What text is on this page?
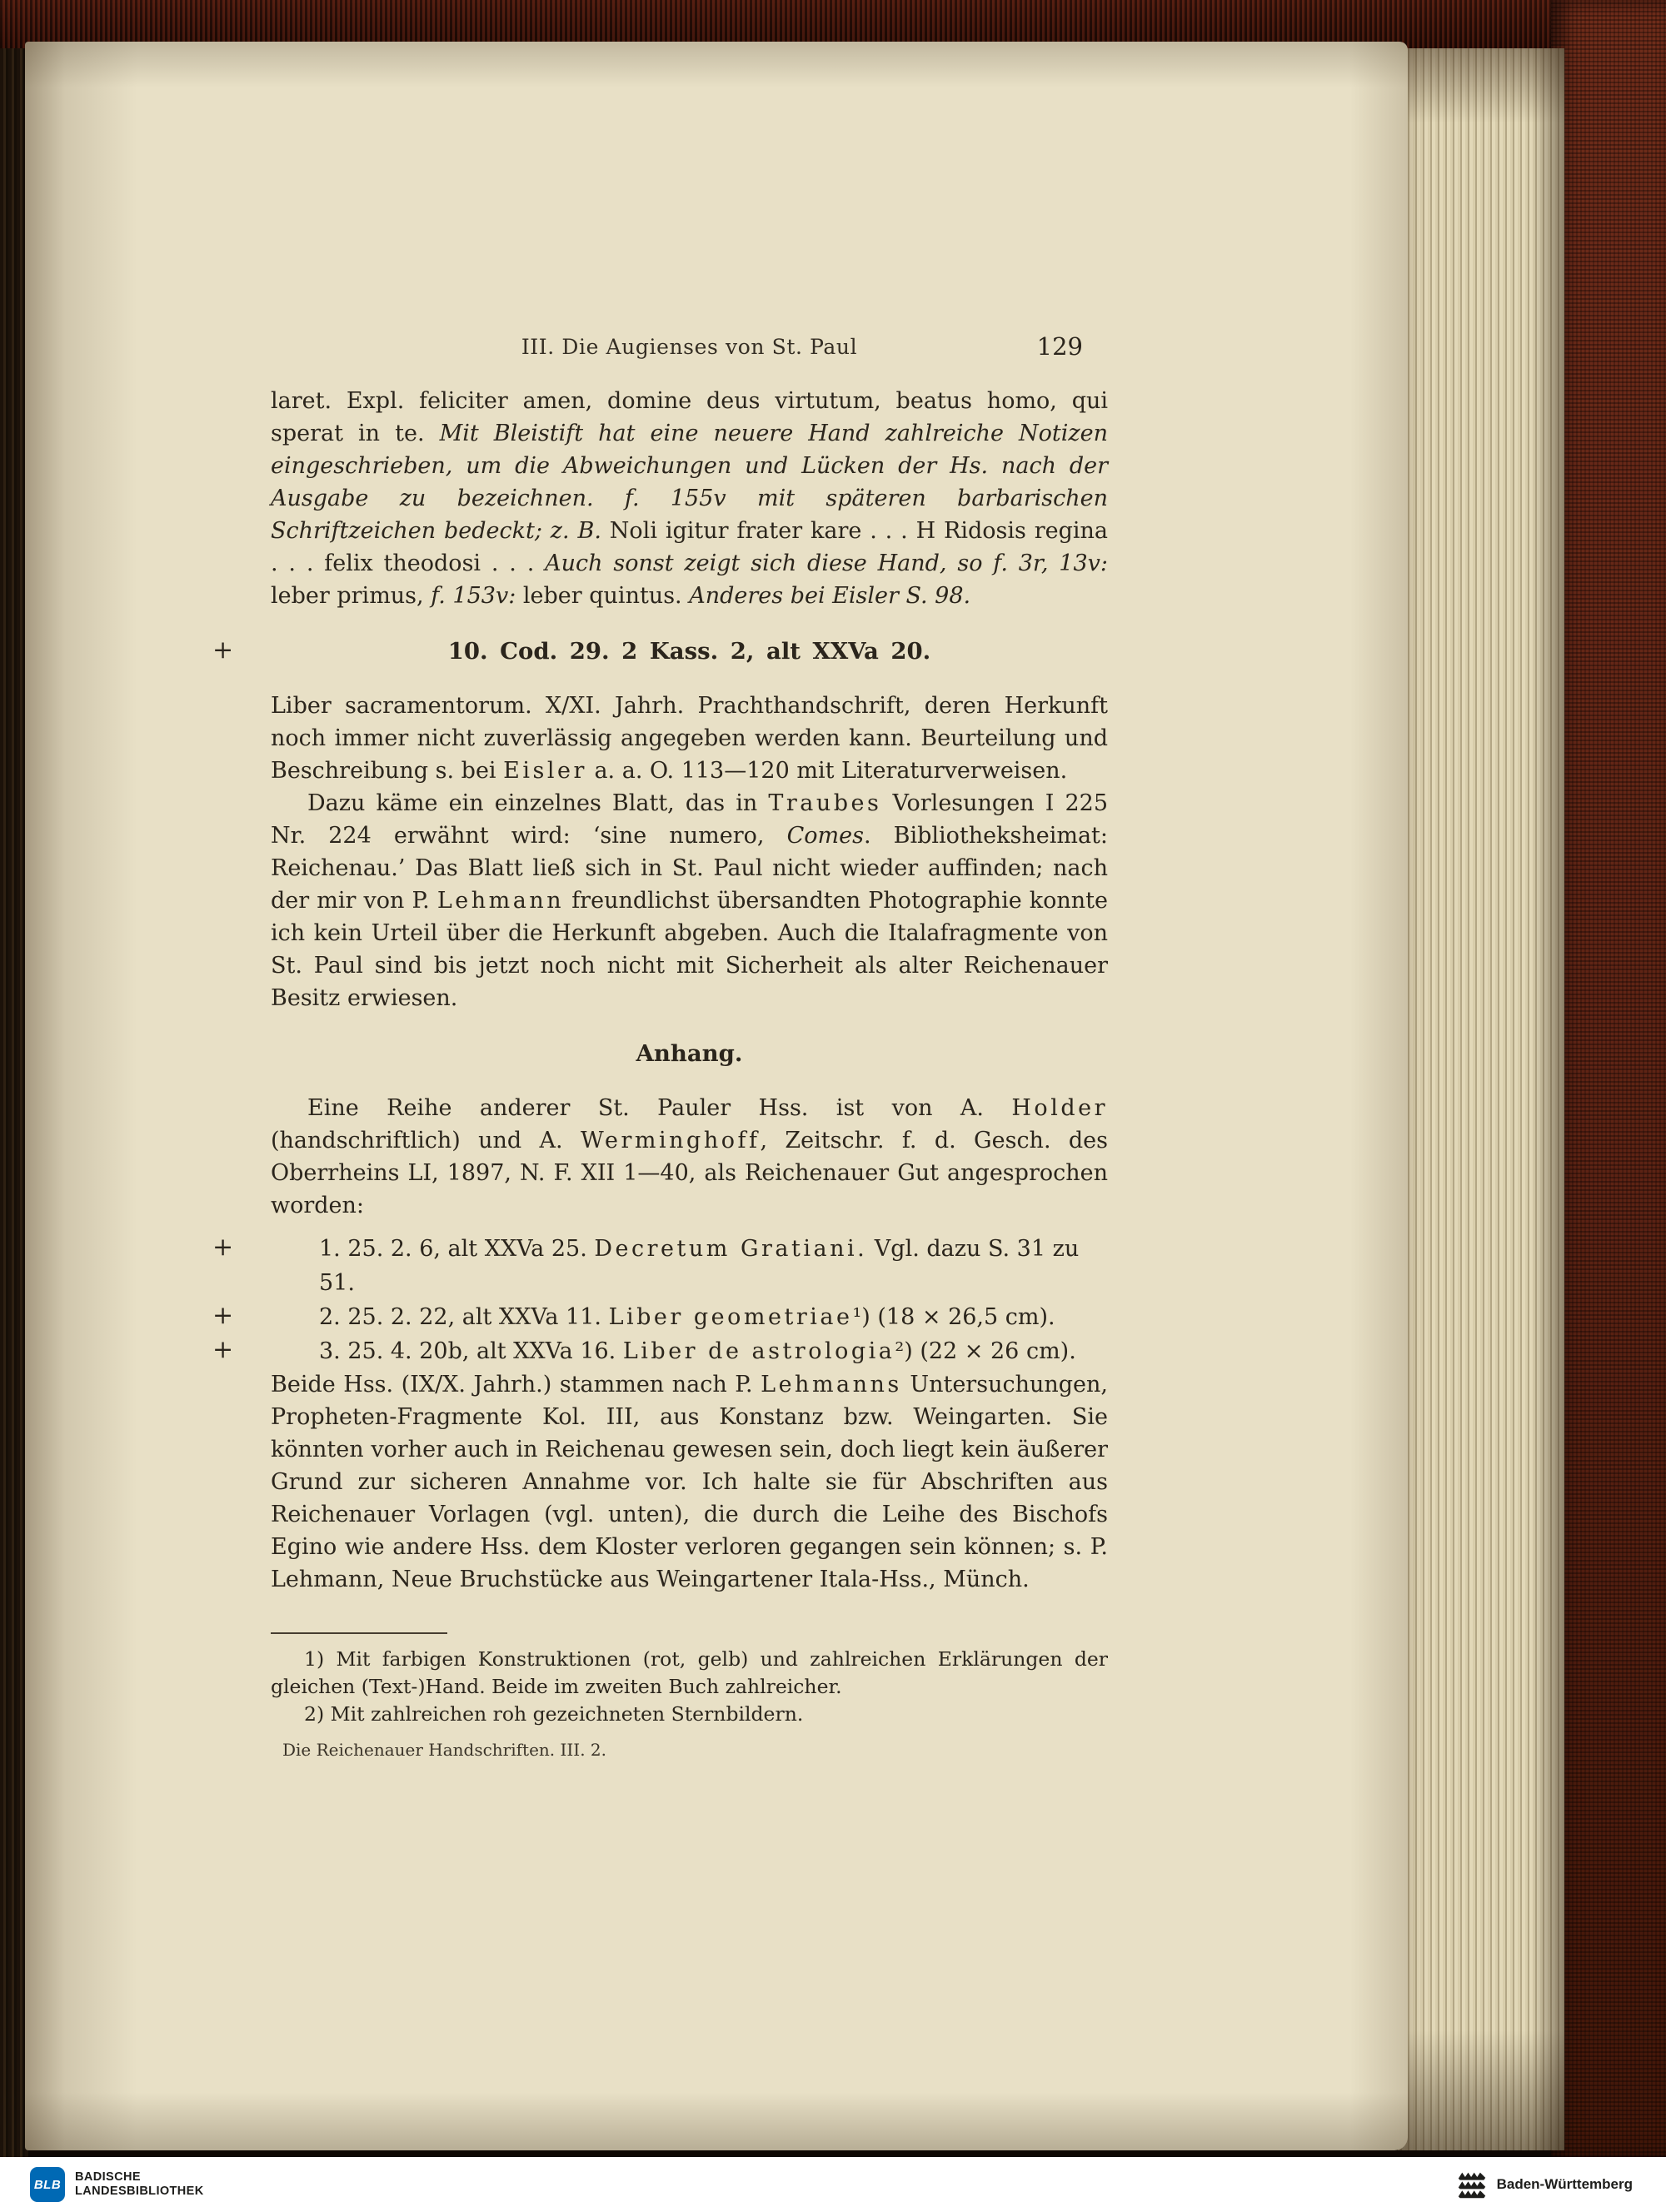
III. Die Augienses von St. Paul	129

laret. Expl. feliciter amen, domine deus virtutum, beatus homo, qui sperat in te. Mit Bleistift hat eine neuere Hand zahlreiche Notizen eingeschrieben, um die Abweichungen und Lücken der Hs. nach der Ausgabe zu bezeichnen. f. 155v mit späteren barbarischen Schriftzeichen bedeckt; z. B. Noli igitur frater kare . . . H Ridosis regina . . . felix theodosi . . . Auch sonst zeigt sich diese Hand, so f. 3r, 13v: leber primus, f. 153v: leber quintus. Anderes bei Eisler S. 98.

+	10. Cod. 29. 2 Kass. 2, alt XXVa 20.

Liber sacramentorum. X/XI. Jahrh. Prachthandschrift, deren Herkunft noch immer nicht zuverlässig angegeben werden kann. Beurteilung und Beschreibung s. bei Eisler a. a. O. 113—120 mit Literaturverweisen.

Dazu käme ein einzelnes Blatt, das in Traubes Vorlesungen I 225 Nr. 224 erwähnt wird: ‘sine numero, Comes. Bibliotheksheimat: Reichenau.’ Das Blatt ließ sich in St. Paul nicht wieder auffinden; nach der mir von P. Lehmann freundlichst übersandten Photographie konnte ich kein Urteil über die Herkunft abgeben. Auch die Italafragmente von St. Paul sind bis jetzt noch nicht mit Sicherheit als alter Reichenauer Besitz erwiesen.

Anhang.

Eine Reihe anderer St. Pauler Hss. ist von A. Holder (handschriftlich) und A. Werminghoff, Zeitschr. f. d. Gesch. des Oberrheins LI, 1897, N. F. XII 1—40, als Reichenauer Gut angesprochen worden:

+	1. 25. 2. 6, alt XXVa 25. Decretum Gratiani. Vgl. dazu S. 31 zu 51.

+	2. 25. 2. 22, alt XXVa 11. Liber geometriae¹) (18 × 26,5 cm).

+	3. 25. 4. 20b, alt XXVa 16. Liber de astrologia²) (22 × 26 cm).

Beide Hss. (IX/X. Jahrh.) stammen nach P. Lehmanns Untersuchungen, Propheten-Fragmente Kol. III, aus Konstanz bzw. Weingarten. Sie könnten vorher auch in Reichenau gewesen sein, doch liegt kein äußerer Grund zur sicheren Annahme vor. Ich halte sie für Abschriften aus Reichenauer Vorlagen (vgl. unten), die durch die Leihe des Bischofs Egino wie andere Hss. dem Kloster verloren gegangen sein können; s. P. Lehmann, Neue Bruchstücke aus Weingartener Itala-Hss., Münch.

1) Mit farbigen Konstruktionen (rot, gelb) und zahlreichen Erklärungen der gleichen (Text-)Hand. Beide im zweiten Buch zahlreicher.

2) Mit zahlreichen roh gezeichneten Sternbildern.

Die Reichenauer Handschriften. III. 2.

BLB
BADISCHE
LANDESBIBLIOTHEK	Baden-Württemberg
